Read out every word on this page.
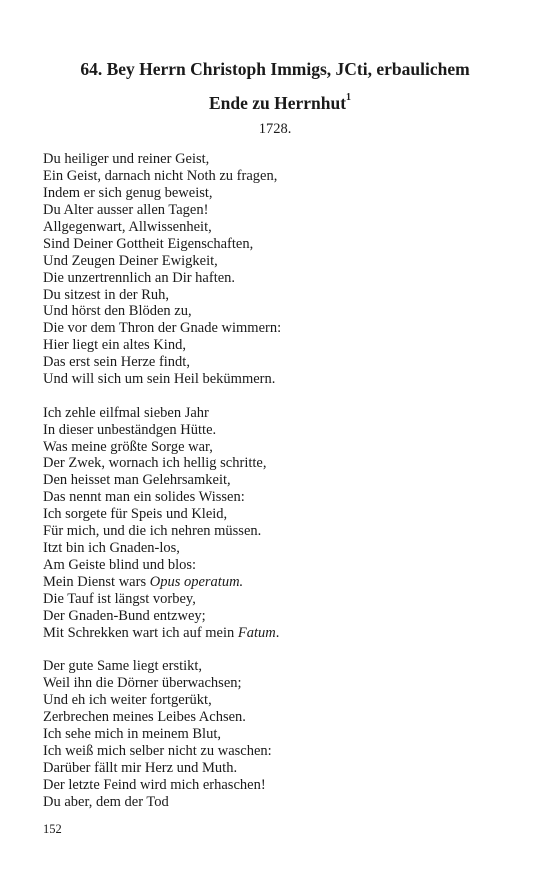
64. Bey Herrn Christoph Immigs, JCti, erbaulichem
Ende zu Herrnhut$^1$
1728.
Du heiliger und reiner Geist,
Ein Geist, darnach nicht Noth zu fragen,
Indem er sich genug beweist,
Du Alter ausser allen Tagen!
Allgegenwart, Allwissenheit,
Sind Deiner Gottheit Eigenschaften,
Und Zeugen Deiner Ewigkeit,
Die unzertrennlich an Dir haften.
Du sitzest in der Ruh,
Und hörst den Blöden zu,
Die vor dem Thron der Gnade wimmern:
Hier liegt ein altes Kind,
Das erst sein Herze findt,
Und will sich um sein Heil bekümmern.
Ich zehle eilfmal sieben Jahr
In dieser unbeständgen Hütte.
Was meine größte Sorge war,
Der Zwek, wornach ich hellig schritte,
Den heisset man Gelehrsamkeit,
Das nennt man ein solides Wissen:
Ich sorgete für Speis und Kleid,
Für mich, und die ich nehren müssen.
Itzt bin ich Gnaden-los,
Am Geiste blind und blos:
Mein Dienst wars Opus operatum.
Die Tauf ist längst vorbey,
Der Gnaden-Bund entzwey;
Mit Schrekken wart ich auf mein Fatum.
Der gute Same liegt erstikt,
Weil ihn die Dörner überwachsen;
Und eh ich weiter fortgerükt,
Zerbrechen meines Leibes Achsen.
Ich sehe mich in meinem Blut,
Ich weiß mich selber nicht zu waschen:
Darüber fällt mir Herz und Muth.
Der letzte Feind wird mich erhaschen!
Du aber, dem der Tod
152
